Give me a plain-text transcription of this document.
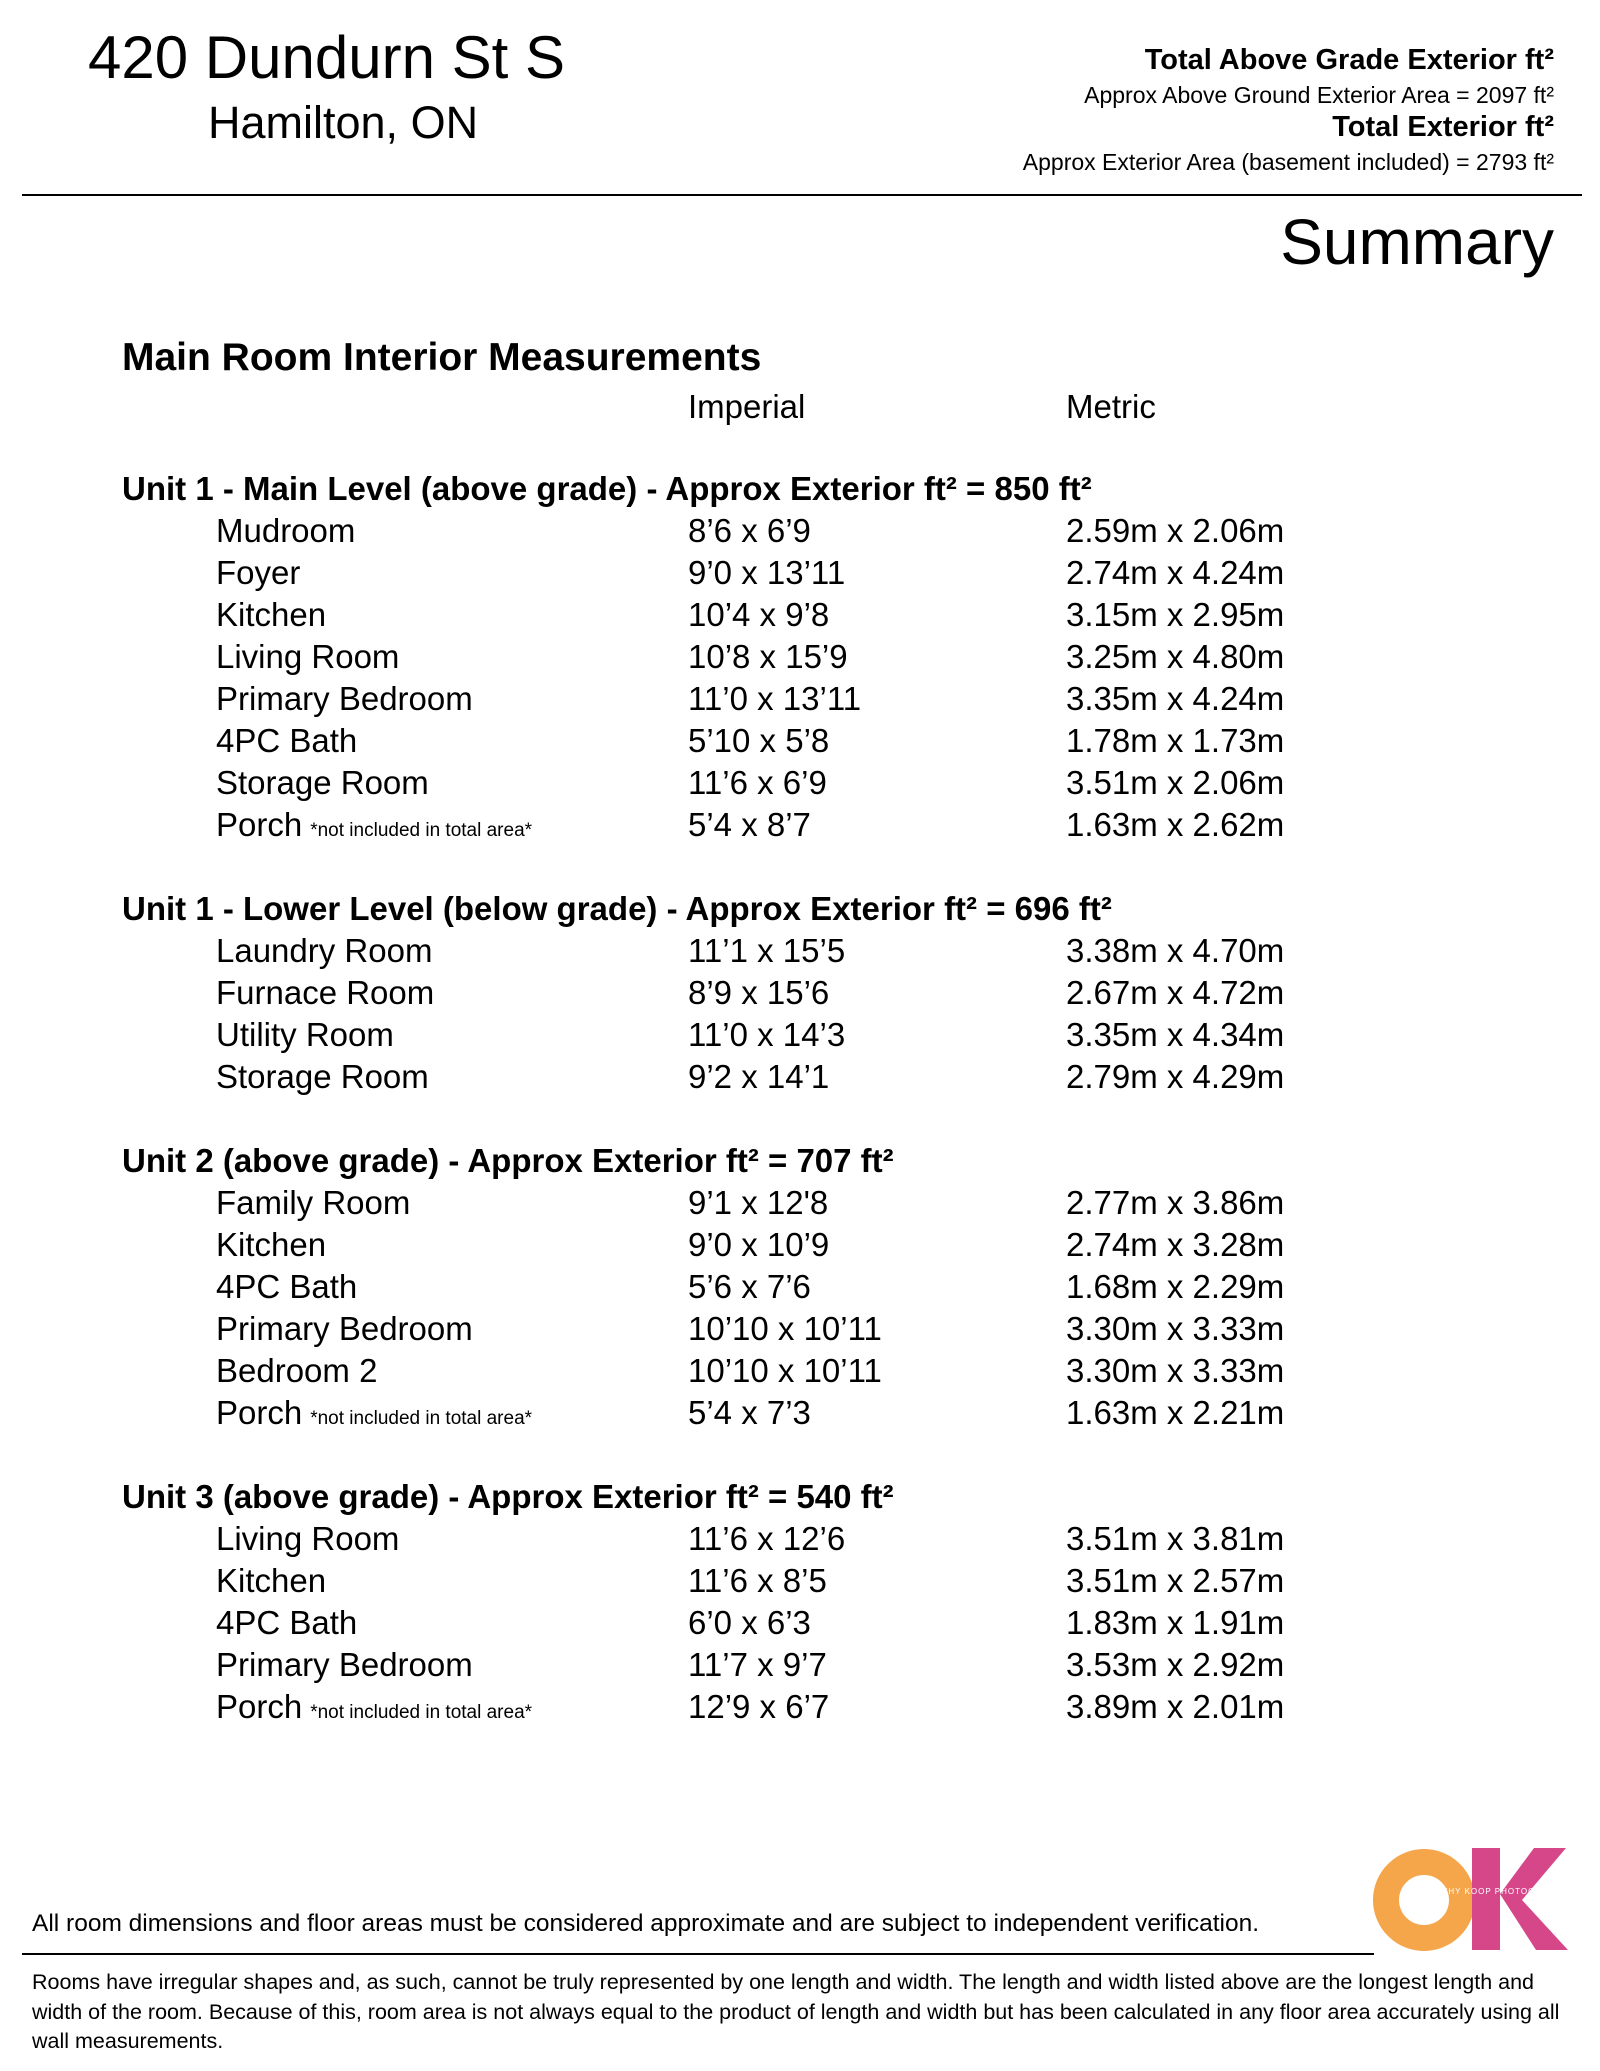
420 Dundurn St S
Hamilton, ON
Total Above Grade Exterior ft²
Approx Above Ground Exterior Area = 2097 ft²
Total Exterior ft²
Approx Exterior Area (basement included) = 2793 ft²
Summary
Main Room Interior Measurements
Imperial	Metric
Unit 1 - Main Level (above grade) - Approx Exterior ft² = 850 ft²
Mudroom	8’6 x 6’9	2.59m x 2.06m
Foyer	9’0 x 13’11	2.74m x 4.24m
Kitchen	10’4 x 9’8	3.15m x 2.95m
Living Room	10’8 x 15’9	3.25m x 4.80m
Primary Bedroom	11’0 x 13’11	3.35m x 4.24m
4PC Bath	5’10 x 5’8	1.78m x 1.73m
Storage Room	11’6 x 6’9	3.51m x 2.06m
Porch *not included in total area*	5’4 x 8’7	1.63m x 2.62m
Unit 1 - Lower Level (below grade) - Approx Exterior ft² = 696 ft²
Laundry Room	11’1 x 15’5	3.38m x 4.70m
Furnace Room	8’9 x 15’6	2.67m x 4.72m
Utility Room	11’0 x 14’3	3.35m x 4.34m
Storage Room	9’2 x 14’1	2.79m x 4.29m
Unit 2 (above grade) - Approx Exterior ft² = 707 ft²
Family Room	9’1 x 12'8	2.77m x 3.86m
Kitchen	9’0 x 10’9	2.74m x 3.28m
4PC Bath	5’6 x 7’6	1.68m x 2.29m
Primary Bedroom	10’10 x 10’11	3.30m x 3.33m
Bedroom 2	10’10 x 10’11	3.30m x 3.33m
Porch *not included in total area*	5’4 x 7’3	1.63m x 2.21m
Unit 3 (above grade) - Approx Exterior ft² = 540 ft²
Living Room	11’6 x 12’6	3.51m x 3.81m
Kitchen	11’6 x 8’5	3.51m x 2.57m
4PC Bath	6’0 x 6’3	1.83m x 1.91m
Primary Bedroom	11’7 x 9’7	3.53m x 2.92m
Porch *not included in total area*	12’9 x 6’7	3.89m x 2.01m
All room dimensions and floor areas must be considered approximate and are subject to independent verification.
Rooms have irregular shapes and, as such, cannot be truly represented by one length and width. The length and width listed above are the longest length and width of the room. Because of this, room area is not always equal to the product of length and width but has been calculated in any floor area accurately using all wall measurements.
CATHY KOOP PHOTOGRAPHY
